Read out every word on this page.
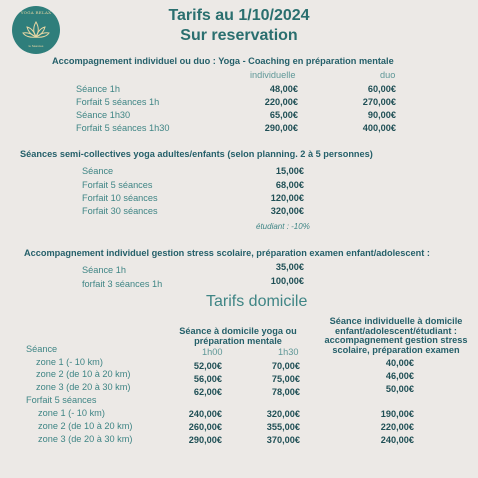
YOGA RELAX
le Séances
Tarifs au 1/10/2024
Sur reservation
Accompagnement individuel ou duo : Yoga - Coaching en préparation mentale
individuelle	duo
Séance 1h	48,00€	60,00€
Forfait 5 séances 1h	220,00€	270,00€
Séance 1h30	65,00€	90,00€
Forfait 5 séances 1h30	290,00€	400,00€
Séances semi-collectives yoga adultes/enfants (selon planning. 2 à 5 personnes)
Séance	15,00€
Forfait 5 séances	68,00€
Forfait 10 séances	120,00€
Forfait 30 séances	320,00€
étudiant : -10%
Accompagnement individuel gestion stress scolaire, préparation examen enfant/adolescent :
Séance 1h	35,00€
forfait 3 séances 1h	100,00€
Tarifs domicile
Séance à domicile yoga ou préparation mentale
Séance individuelle à domicile enfant/adolescent/étudiant : accompagnement gestion stress scolaire, préparation examen
1h00	1h30
Séance
zone 1 (- 10 km)	52,00€	70,00€	40,00€
zone 2 (de 10 à 20 km)	56,00€	75,00€	46,00€
zone 3 (de 20 à 30 km)	62,00€	78,00€	50,00€
Forfait 5 séances
zone 1 (- 10 km)	240,00€	320,00€	190,00€
zone 2 (de 10 à 20 km)	260,00€	355,00€	220,00€
zone 3 (de 20 à 30 km)	290,00€	370,00€	240,00€
